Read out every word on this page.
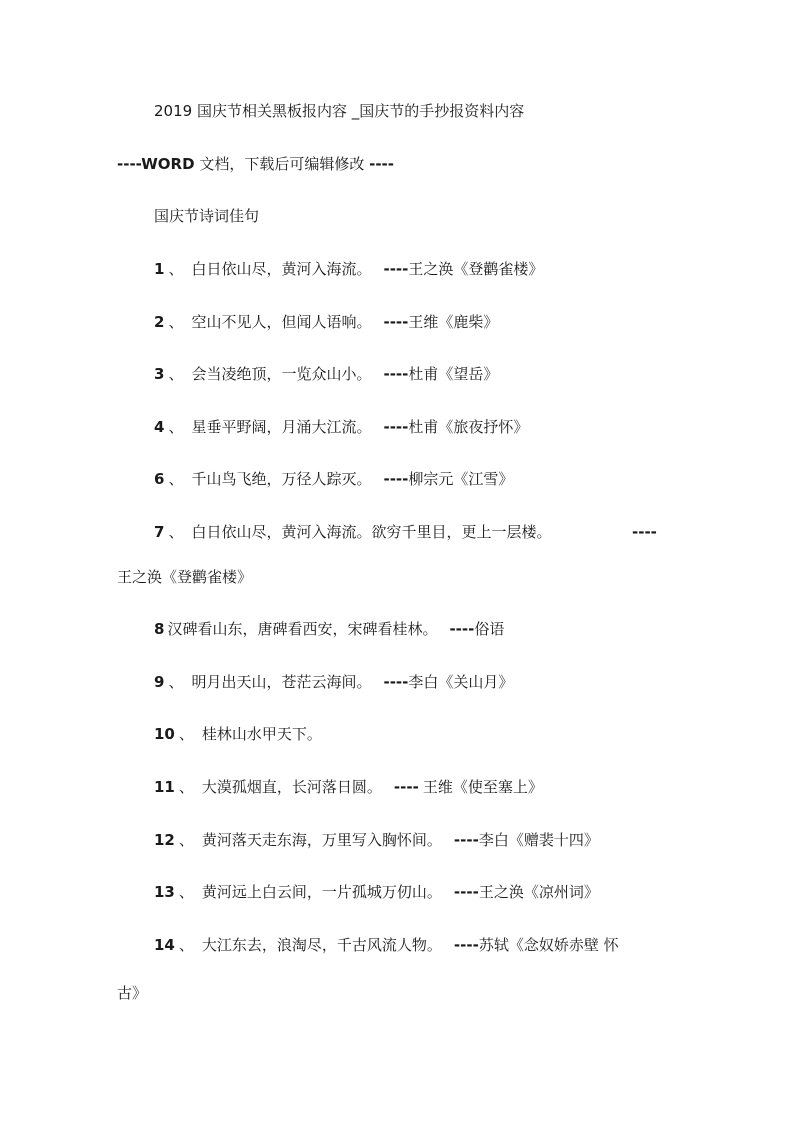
2019 国庆节相关黑板报内容 _国庆节的手抄报资料内容
----WORD 文档，下载后可编辑修改 ----
国庆节诗词佳句
1 、 白日依山尽，黄河入海流。 ----王之涣《登鹳雀楼》
2 、 空山不见人，但闻人语响。 ----王维《鹿柴》
3 、 会当凌绝顶，一览众山小。 ----杜甫《望岳》
4 、 星垂平野阔，月涌大江流。 ----杜甫《旅夜抒怀》
6 、 千山鸟飞绝，万径人踪灭。 ----柳宗元《江雪》
7 、 白日依山尽，黄河入海流。欲穷千里目，更上一层楼。	----
王之涣《登鹳雀楼》
8 汉碑看山东，唐碑看西安，宋碑看桂林。 ----俗语
9 、 明月出天山，苍茫云海间。 ----李白《关山月》
10 、 桂林山水甲天下。
11 、 大漠孤烟直，长河落日圆。 ---- 王维《使至塞上》
12 、 黄河落天走东海，万里写入胸怀间。 ----李白《赠裴十四》
13 、 黄河远上白云间，一片孤城万仞山。 ----王之涣《凉州词》
14 、 大江东去，浪淘尽，千古风流人物。 ----苏轼《念奴娇赤壁 怀
古》
